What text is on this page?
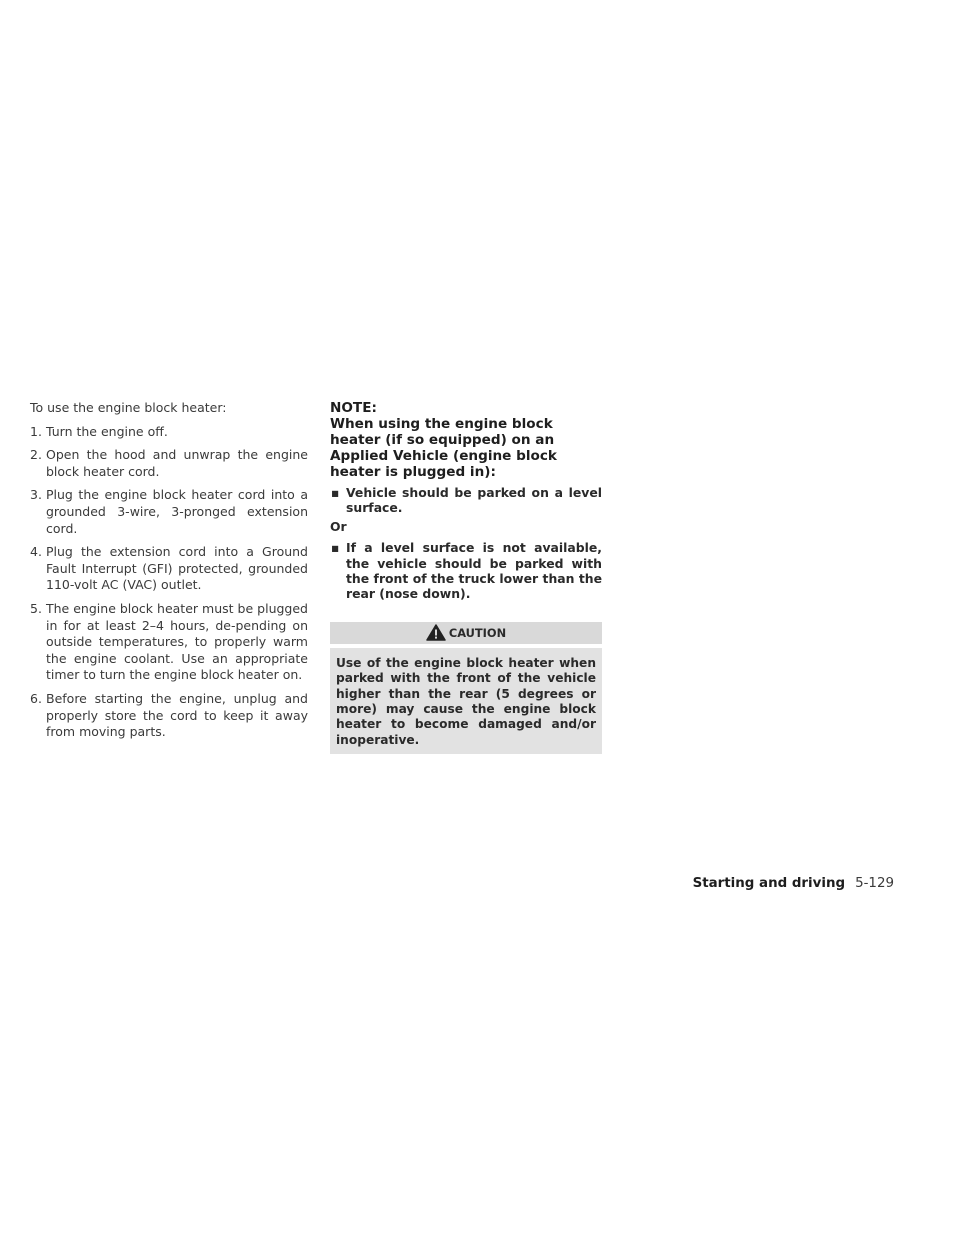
To use the engine block heater:

1. Turn the engine off.
2. Open the hood and unwrap the engine block heater cord.
3. Plug the engine block heater cord into a grounded 3-wire, 3-pronged extension cord.
4. Plug the extension cord into a Ground Fault Interrupt (GFI) protected, grounded 110-volt AC (VAC) outlet.
5. The engine block heater must be plugged in for at least 2–4 hours, de-pending on outside temperatures, to properly warm the engine coolant. Use an appropriate timer to turn the engine block heater on.
6. Before starting the engine, unplug and properly store the cord to keep it away from moving parts.

NOTE:

When using the engine block heater (if so equipped) on an Applied Vehicle (engine block heater is plugged in):

▪ Vehicle should be parked on a level surface.

Or

▪ If a level surface is not available, the vehicle should be parked with the front of the truck lower than the rear (nose down).

CAUTION
Use of the engine block heater when parked with the front of the vehicle higher than the rear (5 degrees or more) may cause the engine block heater to become damaged and/or inoperative.
Starting and driving 5-129
